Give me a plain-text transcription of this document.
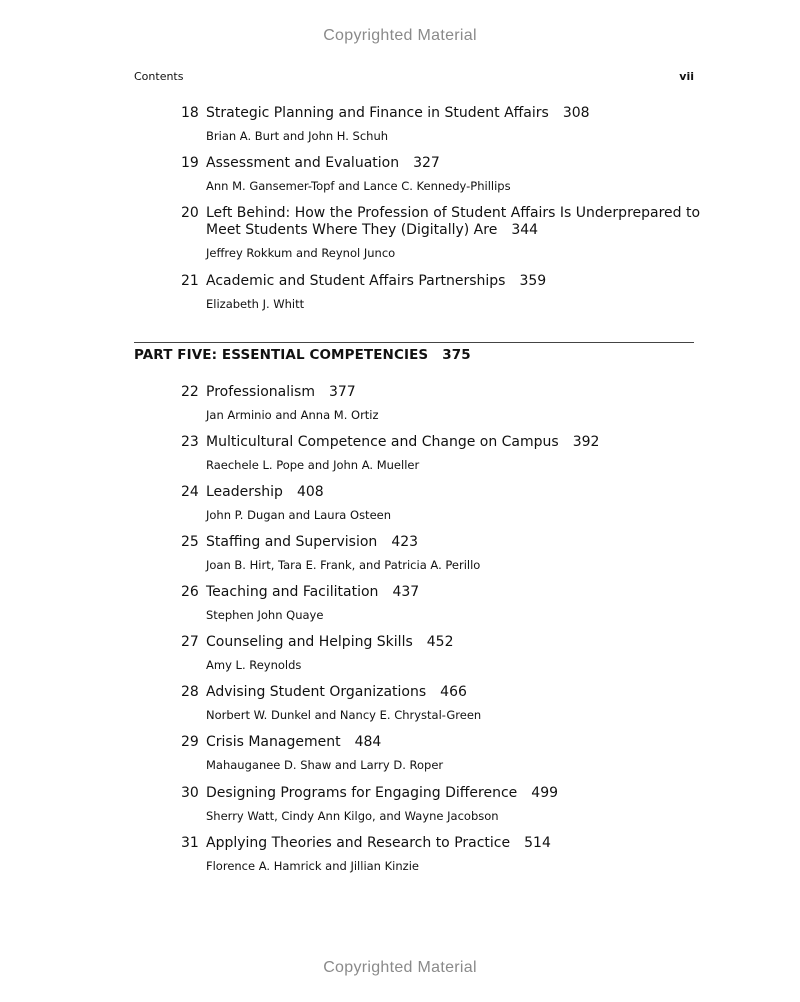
Copyrighted Material
Contents	vii
18 Strategic Planning and Finance in Student Affairs 308
Brian A. Burt and John H. Schuh
19 Assessment and Evaluation 327
Ann M. Gansemer-Topf and Lance C. Kennedy-Phillips
20 Left Behind: How the Profession of Student Affairs Is Underprepared to Meet Students Where They (Digitally) Are 344
Jeffrey Rokkum and Reynol Junco
21 Academic and Student Affairs Partnerships 359
Elizabeth J. Whitt
PART FIVE: ESSENTIAL COMPETENCIES 375
22 Professionalism 377
Jan Arminio and Anna M. Ortiz
23 Multicultural Competence and Change on Campus 392
Raechele L. Pope and John A. Mueller
24 Leadership 408
John P. Dugan and Laura Osteen
25 Staffing and Supervision 423
Joan B. Hirt, Tara E. Frank, and Patricia A. Perillo
26 Teaching and Facilitation 437
Stephen John Quaye
27 Counseling and Helping Skills 452
Amy L. Reynolds
28 Advising Student Organizations 466
Norbert W. Dunkel and Nancy E. Chrystal-Green
29 Crisis Management 484
Mahauganee D. Shaw and Larry D. Roper
30 Designing Programs for Engaging Difference 499
Sherry Watt, Cindy Ann Kilgo, and Wayne Jacobson
31 Applying Theories and Research to Practice 514
Florence A. Hamrick and Jillian Kinzie
Copyrighted Material
